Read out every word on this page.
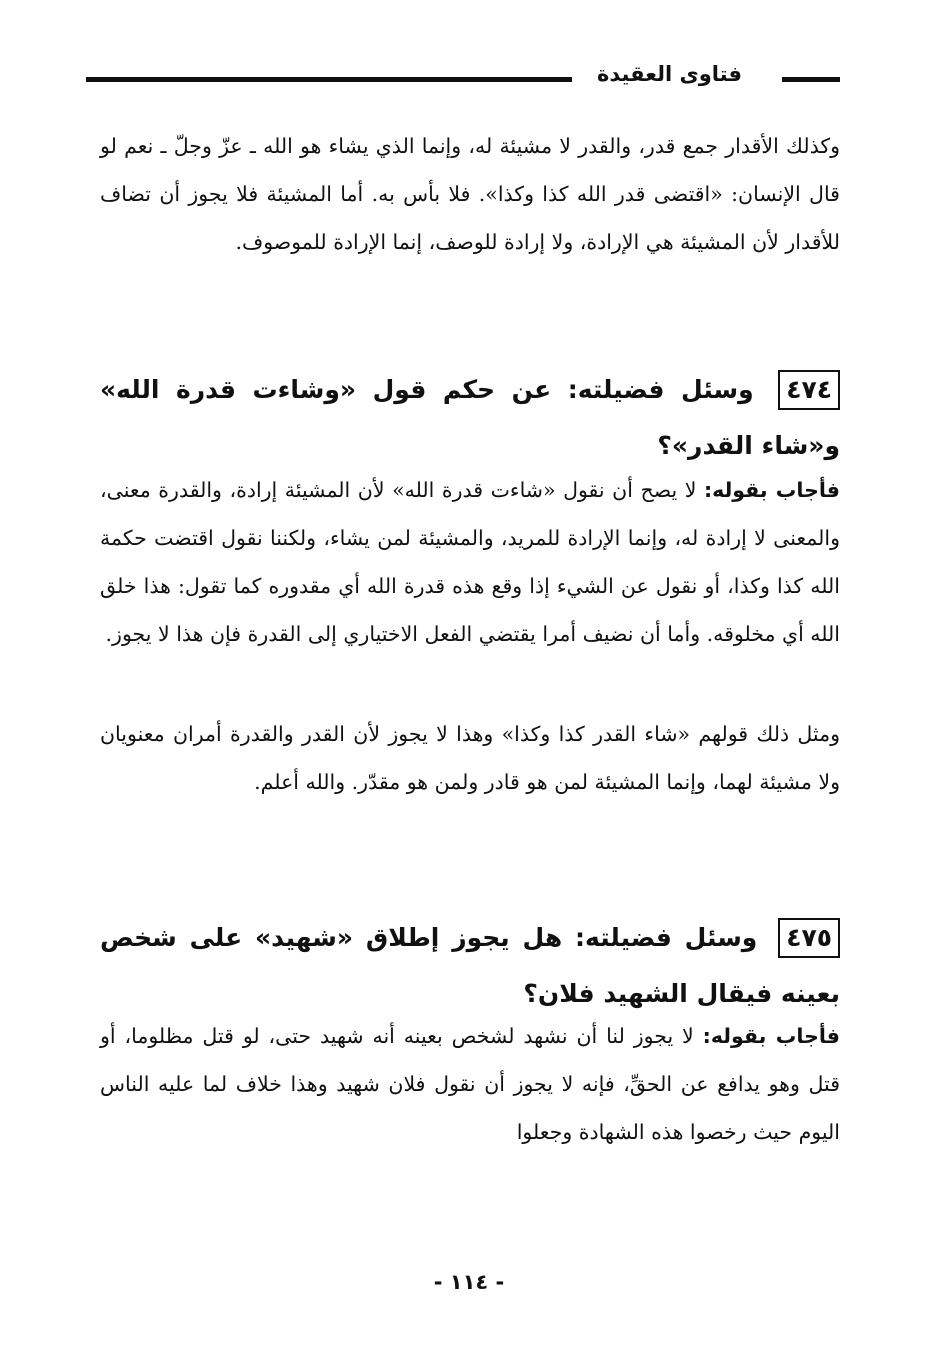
فتاوى العقيدة

وكذلك الأقدار جمع قدر، والقدر لا مشيئة له، وإنما الذي يشاء هو الله ـ عزّ وجلّ ـ نعم لو قال الإنسان: «اقتضى قدر الله كذا وكذا». فلا بأس به. أما المشيئة فلا يجوز أن تضاف للأقدار لأن المشيئة هي الإرادة، ولا إرادة للوصف، إنما الإرادة للموصوف.

٤٧٤ وسئل فضيلته: عن حكم قول «وشاءت قدرة الله» و«شاء القدر»؟

فأجاب بقوله: لا يصح أن نقول «شاءت قدرة الله» لأن المشيئة إرادة، والقدرة معنى، والمعنى لا إرادة له، وإنما الإرادة للمريد، والمشيئة لمن يشاء، ولكننا نقول اقتضت حكمة الله كذا وكذا، أو نقول عن الشيء إذا وقع هذه قدرة الله أي مقدوره كما تقول: هذا خلق الله أي مخلوقه. وأما أن نضيف أمرا يقتضي الفعل الاختياري إلى القدرة فإن هذا لا يجوز.

ومثل ذلك قولهم «شاء القدر كذا وكذا» وهذا لا يجوز لأن القدر والقدرة أمران معنويان ولا مشيئة لهما، وإنما المشيئة لمن هو قادر ولمن هو مقدّر. والله أعلم.

٤٧٥ وسئل فضيلته: هل يجوز إطلاق «شهيد» على شخص بعينه فيقال الشهيد فلان؟

فأجاب بقوله: لا يجوز لنا أن نشهد لشخص بعينه أنه شهيد حتى، لو قتل مظلوما، أو قتل وهو يدافع عن الحقِّ، فإنه لا يجوز أن نقول فلان شهيد وهذا خلاف لما عليه الناس اليوم حيث رخصوا هذه الشهادة وجعلوا

- ١١٤ -
